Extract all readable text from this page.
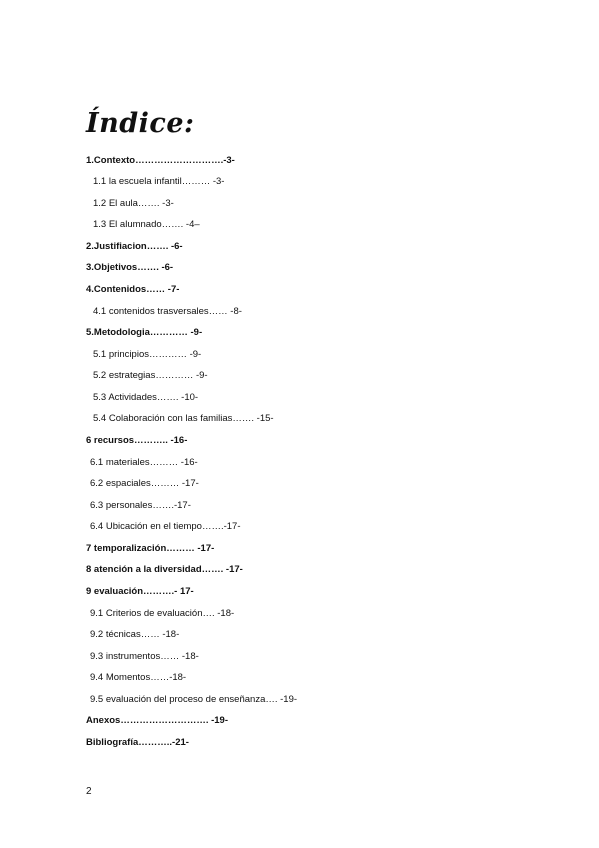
Índice:
1.Contexto……………………….-3-
1.1 la escuela infantil……… -3-
1.2 El aula……. -3-
1.3 El alumnado……. -4–
2.Justifiacion……. -6-
3.Objetivos……. -6-
4.Contenidos…… -7-
4.1 contenidos trasversales…… -8-
5.Metodologia………… -9-
5.1 principios………… -9-
5.2 estrategias………… -9-
5.3 Actividades……. -10-
5.4 Colaboración con las familias……. -15-
6 recursos……….. -16-
6.1 materiales……… -16-
6.2 espaciales……… -17-
6.3 personales…….-17-
6.4 Ubicación en el tiempo…….-17-
7 temporalización……… -17-
8 atención a la diversidad……. -17-
9 evaluación……….- 17-
9.1 Criterios de evaluación…. -18-
9.2 técnicas…… -18-
9.3 instrumentos…… -18-
9.4 Momentos……-18-
9.5 evaluación del proceso de enseñanza…. -19-
Anexos………………………. -19-
Bibliografía………..-21-
2
